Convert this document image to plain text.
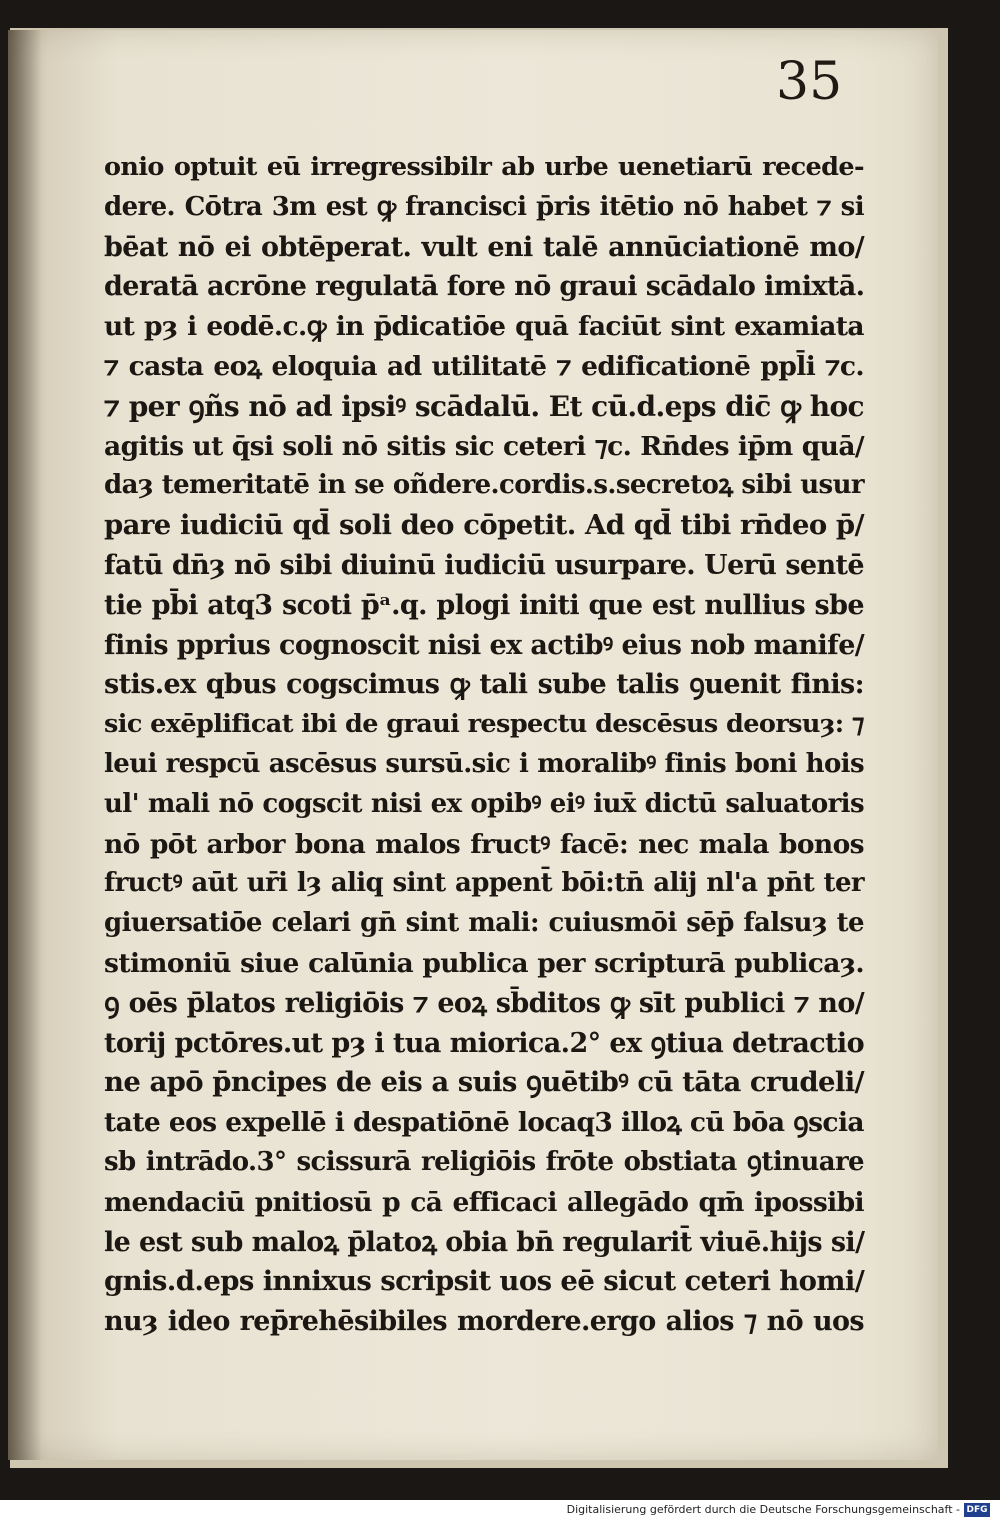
35
onio optuit eū irregressibilr ab urbe uenetiarū recede-
dere. Cōtra 3m est ꝙ francisci p̄ris itētio nō habet ⁊ si
bēat nō ei obtēperat. vult eni talē annūciationē mo/
deratā acrōne regulatā fore nō graui scādalo imixtā.
ut pȝ i eodē.c.ꝙ in p̄dicatiōe quā faciūt sint examiata
⁊ casta eoꝝ eloquia ad utilitatē ⁊ edificationē ppl̄i ⁊c.
⁊ per ꝯñs nō ad ipsiꝰ scādalū. Et cū.d.eps dic̄ ꝙ hoc
agitis ut q̄si soli nō sitis sic ceteri ⁊c. Rn̄des ip̄m quā/
daȝ temeritatē in se oñdere.cordis.s.secretoꝝ sibi usur
pare iudiciū qd̄ soli deo cōpetit. Ad qd̄ tibi rn̄deo p̄/
fatū dn̄ȝ nō sibi diuinū iudiciū usurpare. Uerū sentē
tie pb̄i atq3 scoti p̄ᵃ.q. plogi initi que est nullius sbe
finis pprius cognoscit nisi ex actibꝰ eius nob manife/
stis.ex qbus cogscimus ꝙ tali sube talis ꝯuenit finis:
sic exēplificat ibi de graui respectu descēsus deorsuȝ: ⁊
leui respcū ascēsus sursū.sic i moralibꝰ finis boni hois
ul' mali nō cogscit nisi ex opibꝰ eiꝰ iux̄ dictū saluatoris
nō pōt arbor bona malos fructꝰ facē: nec mala bonos
fructꝰ aūt ur̄i lȝ aliq sint appent̄ bōi:tn̄ alij nl'a pn̄t ter
giuersatiōe celari gn̄ sint mali: cuiusmōi sēp̄ falsuȝ te
stimoniū siue calūnia publica per scripturā publicaȝ.
ꝯ oēs p̄latos religiōis ⁊ eoꝝ sb̄ditos ꝙ sīt publici ⁊ no/
torij pctōres.ut pȝ i tua miorica.2° ex ꝯtiua detractio
ne apō p̄ncipes de eis a suis ꝯuētibꝰ cū tāta crudeli/
tate eos expellē i despatiōnē locaq3 illoꝝ cū bōa ꝯscia
sb intrādo.3° scissurā religiōis frōte obstiata ꝯtinuare
mendaciū pnitiosū p cā efficaci allegādo qm̄ ipossibi
le est sub maloꝝ p̄latoꝝ obia bn̄ regularit̄ viuē.hijs si/
gnis.d.eps innixus scripsit uos eē sicut ceteri homi/
nuȝ ideo rep̄rehēsibiles mordere.ergo alios ⁊ nō uos
Digitalisierung gefördert durch die Deutsche Forschungsgemeinschaft - DFG
